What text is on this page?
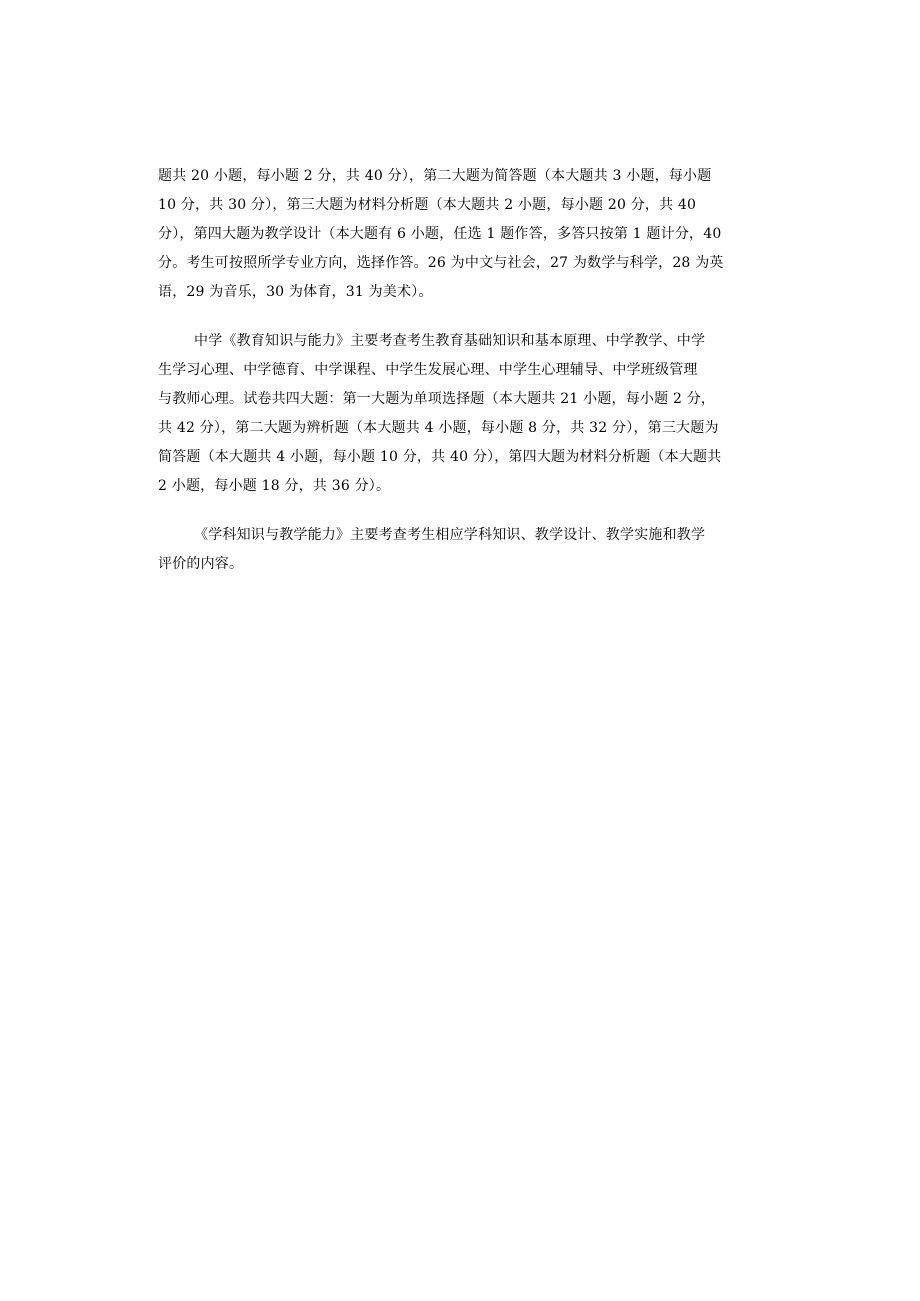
题共 20 小题，每小题 2 分，共 40 分），第二大题为简答题（本大题共 3 小题，每小题
10 分，共 30 分），第三大题为材料分析题（本大题共 2 小题，每小题 20 分，共 40
分），第四大题为教学设计（本大题有 6 小题，任选 1 题作答，多答只按第 1 题计分，40
分。考生可按照所学专业方向，选择作答。26 为中文与社会，27 为数学与科学，28 为英
语，29 为音乐，30 为体育，31 为美术）。
中学《教育知识与能力》主要考查考生教育基础知识和基本原理、中学教学、中学
生学习心理、中学德育、中学课程、中学生发展心理、中学生心理辅导、中学班级管理
与教师心理。试卷共四大题：第一大题为单项选择题（本大题共 21 小题，每小题 2 分，
共 42 分），第二大题为辨析题（本大题共 4 小题，每小题 8 分，共 32 分），第三大题为
简答题（本大题共 4 小题，每小题 10 分，共 40 分），第四大题为材料分析题（本大题共
2 小题，每小题 18 分，共 36 分）。
《学科知识与教学能力》主要考查考生相应学科知识、教学设计、教学实施和教学
评价的内容。
